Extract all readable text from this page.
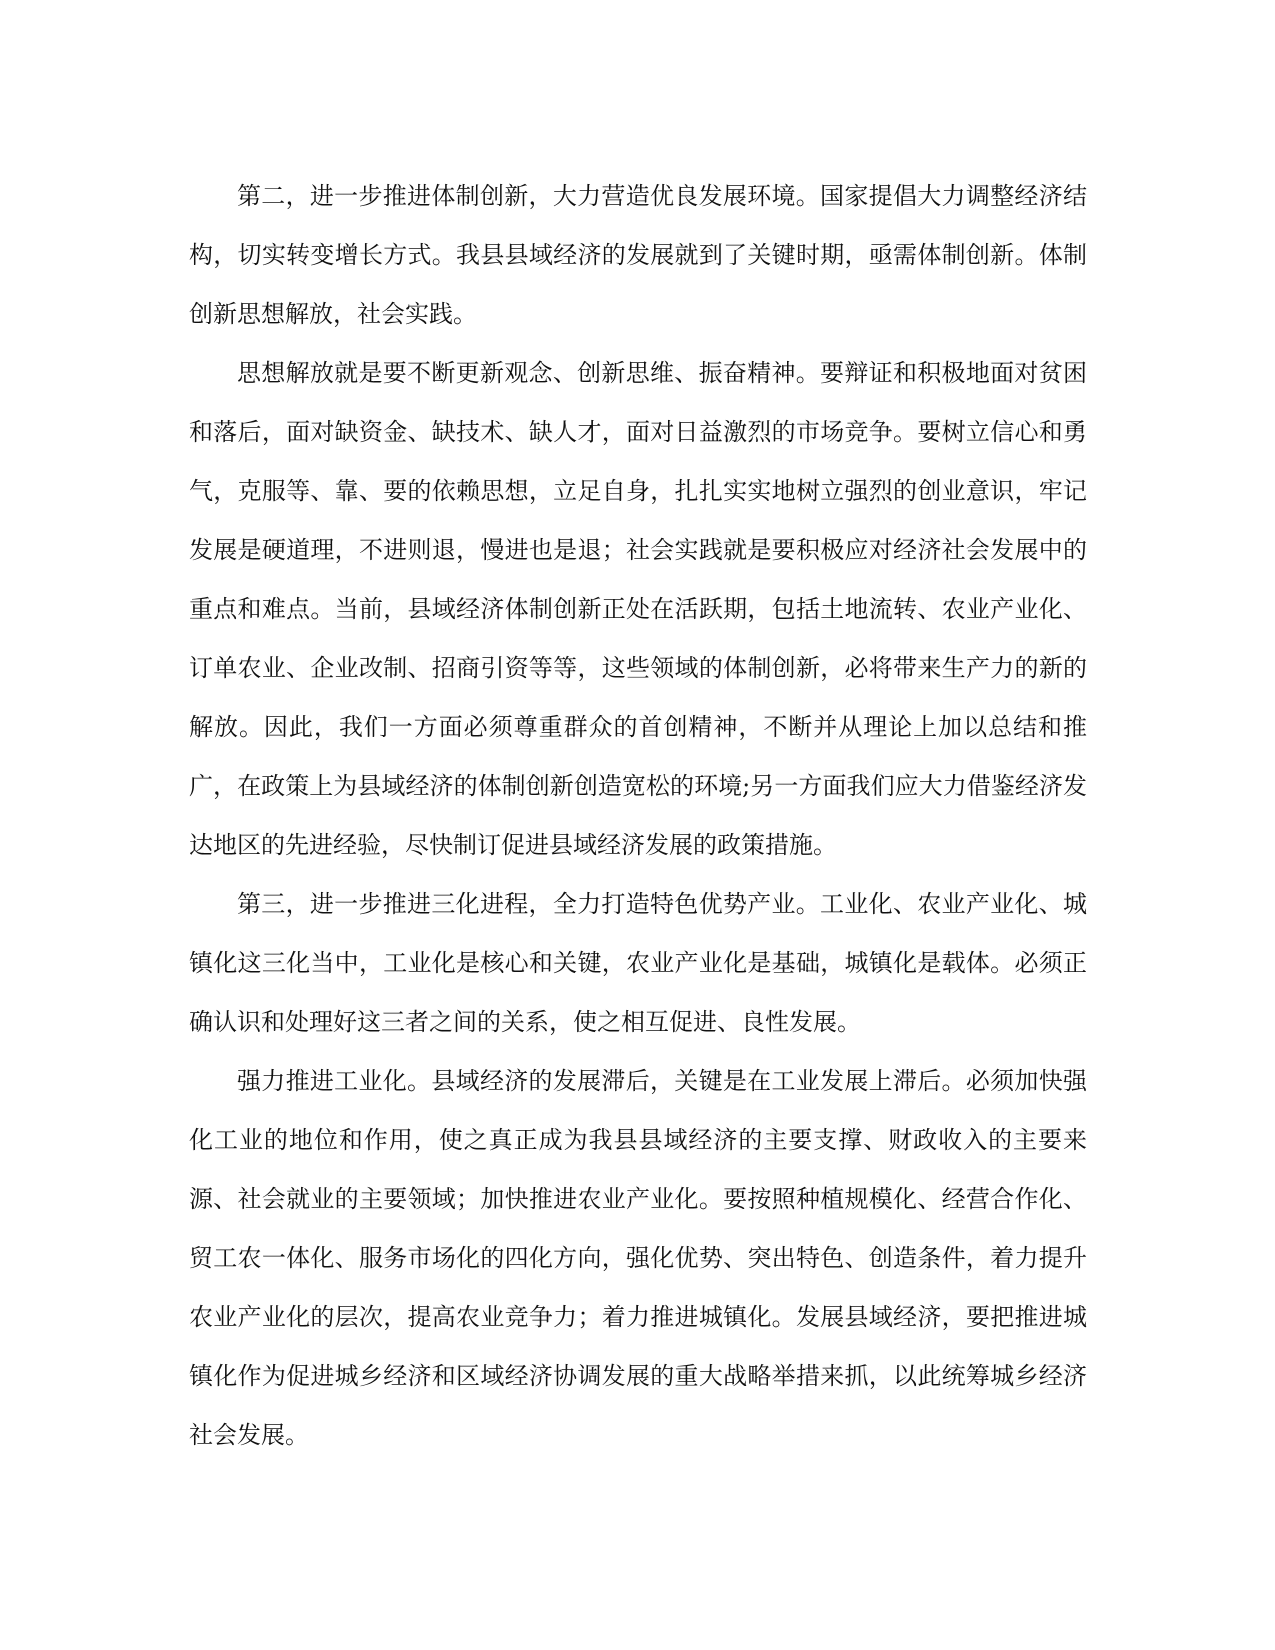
第二，进一步推进体制创新，大力营造优良发展环境。国家提倡大力调整经济结构，切实转变增长方式。我县县域经济的发展就到了关键时期，亟需体制创新。体制创新思想解放，社会实践。

思想解放就是要不断更新观念、创新思维、振奋精神。要辩证和积极地面对贫困和落后，面对缺资金、缺技术、缺人才，面对日益激烈的市场竞争。要树立信心和勇气，克服等、靠、要的依赖思想，立足自身，扎扎实实地树立强烈的创业意识，牢记发展是硬道理，不进则退，慢进也是退；社会实践就是要积极应对经济社会发展中的重点和难点。当前，县域经济体制创新正处在活跃期，包括土地流转、农业产业化、订单农业、企业改制、招商引资等等，这些领域的体制创新，必将带来生产力的新的解放。因此，我们一方面必须尊重群众的首创精神，不断并从理论上加以总结和推广，在政策上为县域经济的体制创新创造宽松的环境;另一方面我们应大力借鉴经济发达地区的先进经验，尽快制订促进县域经济发展的政策措施。

第三，进一步推进三化进程，全力打造特色优势产业。工业化、农业产业化、城镇化这三化当中，工业化是核心和关键，农业产业化是基础，城镇化是载体。必须正确认识和处理好这三者之间的关系，使之相互促进、良性发展。

强力推进工业化。县域经济的发展滞后，关键是在工业发展上滞后。必须加快强化工业的地位和作用，使之真正成为我县县域经济的主要支撑、财政收入的主要来源、社会就业的主要领域；加快推进农业产业化。要按照种植规模化、经营合作化、贸工农一体化、服务市场化的四化方向，强化优势、突出特色、创造条件，着力提升农业产业化的层次，提高农业竞争力；着力推进城镇化。发展县域经济，要把推进城镇化作为促进城乡经济和区域经济协调发展的重大战略举措来抓，以此统筹城乡经济社会发展。
